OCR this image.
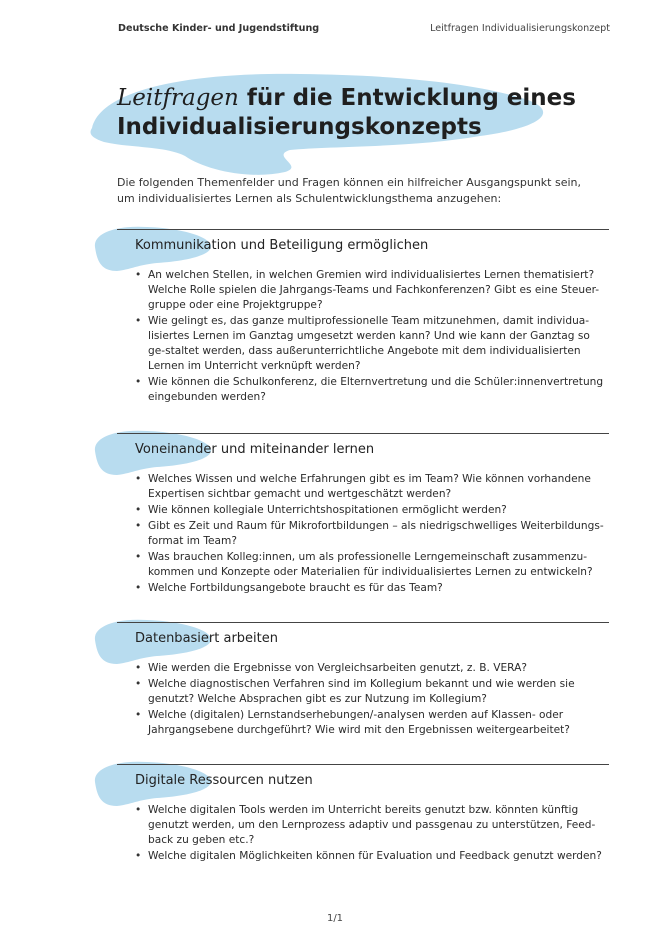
Deutsche Kinder- und Jugendstiftung	Leitfragen Individualisierungskonzept
Leitfragen für die Entwicklung eines
Individualisierungskonzepts
Die folgenden Themenfelder und Fragen können ein hilfreicher Ausgangspunkt sein,
um individualisiertes Lernen als Schulentwicklungsthema anzugehen:
Kommunikation und Beteiligung ermöglichen
• An welchen Stellen, in welchen Gremien wird individualisiertes Lernen thematisiert? Welche Rolle spielen die Jahrgangs-Teams und Fachkonferenzen? Gibt es eine Steuer-gruppe oder eine Projektgruppe?
• Wie gelingt es, das ganze multiprofessionelle Team mitzunehmen, damit individua-lisiertes Lernen im Ganztag umgesetzt werden kann? Und wie kann der Ganztag so ge-staltet werden, dass außerunterrichtliche Angebote mit dem individualisierten Lernen im Unterricht verknüpft werden?
• Wie können die Schulkonferenz, die Elternvertretung und die Schüler:innenvertretung eingebunden werden?
Voneinander und miteinander lernen
• Welches Wissen und welche Erfahrungen gibt es im Team? Wie können vorhandene Expertisen sichtbar gemacht und wertgeschätzt werden?
• Wie können kollegiale Unterrichtshospitationen ermöglicht werden?
• Gibt es Zeit und Raum für Mikrofortbildungen – als niedrigschwelliges Weiterbildungs-format im Team?
• Was brauchen Kolleg:innen, um als professionelle Lerngemeinschaft zusammenzu-kommen und Konzepte oder Materialien für individualisiertes Lernen zu entwickeln?
• Welche Fortbildungsangebote braucht es für das Team?
Datenbasiert arbeiten
• Wie werden die Ergebnisse von Vergleichsarbeiten genutzt, z. B. VERA?
• Welche diagnostischen Verfahren sind im Kollegium bekannt und wie werden sie genutzt? Welche Absprachen gibt es zur Nutzung im Kollegium?
• Welche (digitalen) Lernstandserhebungen/-analysen werden auf Klassen- oder Jahrgangsebene durchgeführt? Wie wird mit den Ergebnissen weitergearbeitet?
Digitale Ressourcen nutzen
• Welche digitalen Tools werden im Unterricht bereits genutzt bzw. könnten künftig genutzt werden, um den Lernprozess adaptiv und passgenau zu unterstützen, Feed-back zu geben etc.?
• Welche digitalen Möglichkeiten können für Evaluation und Feedback genutzt werden?
1/1
